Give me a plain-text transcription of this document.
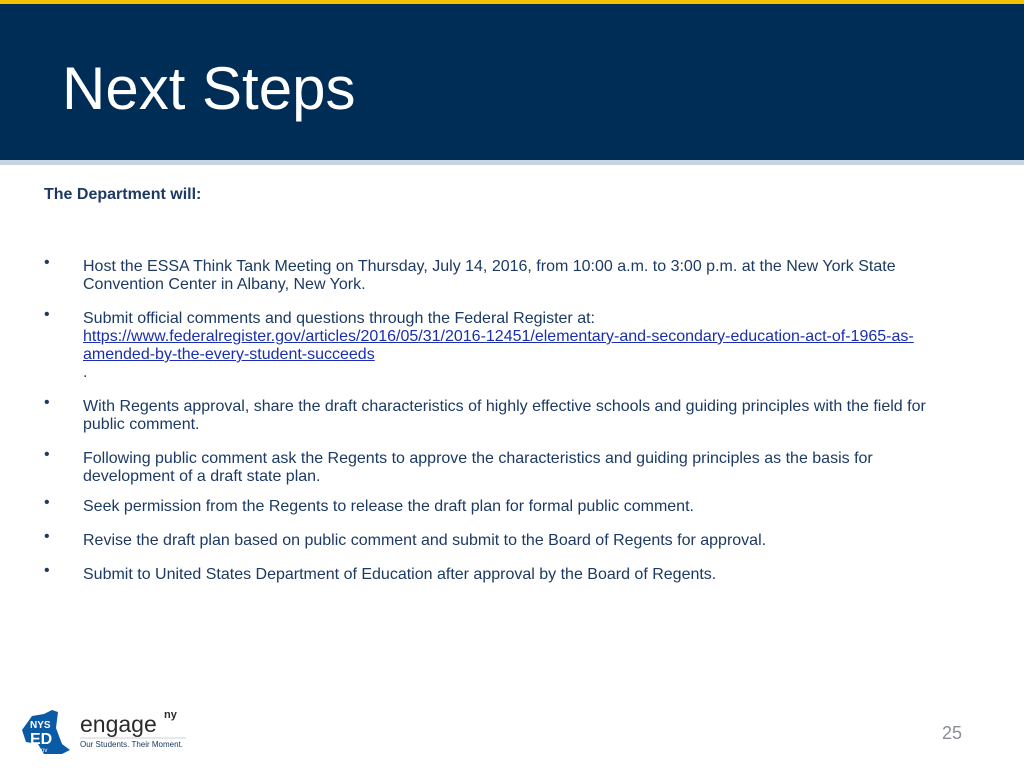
Next Steps
The Department will:
• Host the ESSA Think Tank Meeting on Thursday, July 14, 2016, from 10:00 a.m. to 3:00 p.m. at the New York State Convention Center in Albany, New York.
• Submit official comments and questions through the Federal Register at:
https://www.federalregister.gov/articles/2016/05/31/2016-12451/elementary-and-secondary-education-act-of-1965-as-amended-by-the-every-student-succeeds
.
• With Regents approval, share the draft characteristics of highly effective schools and guiding principles with the field for public comment.
• Following public comment ask the Regents to approve the characteristics and guiding principles as the basis for development of a draft state plan.
• Seek permission from the Regents to release the draft plan for formal public comment.
• Revise the draft plan based on public comment and submit to the Board of Regents for approval.
• Submit to United States Department of Education after approval by the Board of Regents.
NYS
ED
.gov
engage ny
Our Students. Their Moment.
25
